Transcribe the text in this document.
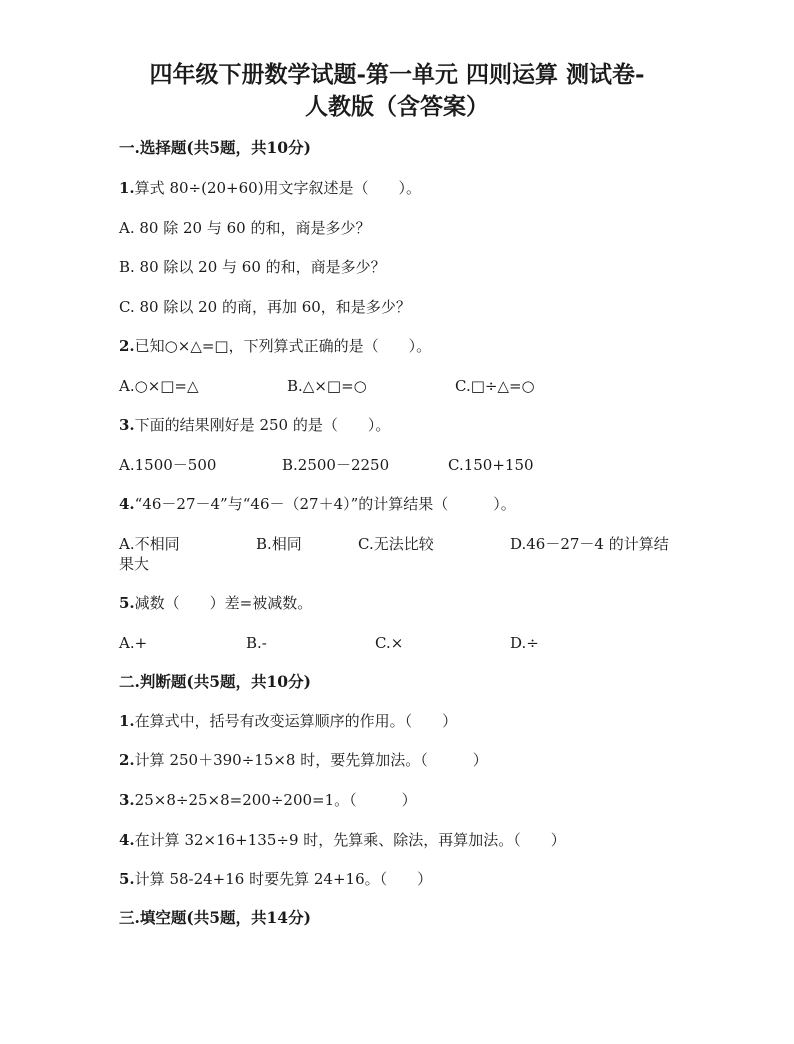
四年级下册数学试题-第一单元 四则运算 测试卷-
人教版（含答案）
一.选择题(共5题，共10分)
1.算式 80÷(20+60)用文字叙述是（　　）。
A. 80 除 20 与 60 的和，商是多少？
B. 80 除以 20 与 60 的和，商是多少？
C. 80 除以 20 的商，再加 60，和是多少？
2.已知○×△=□，下列算式正确的是（　　）。
A.○×□=△	B.△×□=○	C.□÷△=○
3.下面的结果刚好是 250 的是（　　）。
A.1500－500	B.2500－2250	C.150+150
4.“46－27－4”与“46－（27＋4）”的计算结果（　　　）。
A.不相同	B.相同	C.无法比较	D.46－27－4 的计算结
果大
5.减数（　　）差=被减数。
A.+	B.-	C.×	D.÷
二.判断题(共5题，共10分)
1.在算式中，括号有改变运算顺序的作用。（　　）
2.计算 250＋390÷15×8 时，要先算加法。（　　　）
3.25×8÷25×8=200÷200=1。（　　　）
4.在计算 32×16+135÷9 时，先算乘、除法，再算加法。（　　）
5.计算 58-24+16 时要先算 24+16。（　　）
三.填空题(共5题，共14分)
